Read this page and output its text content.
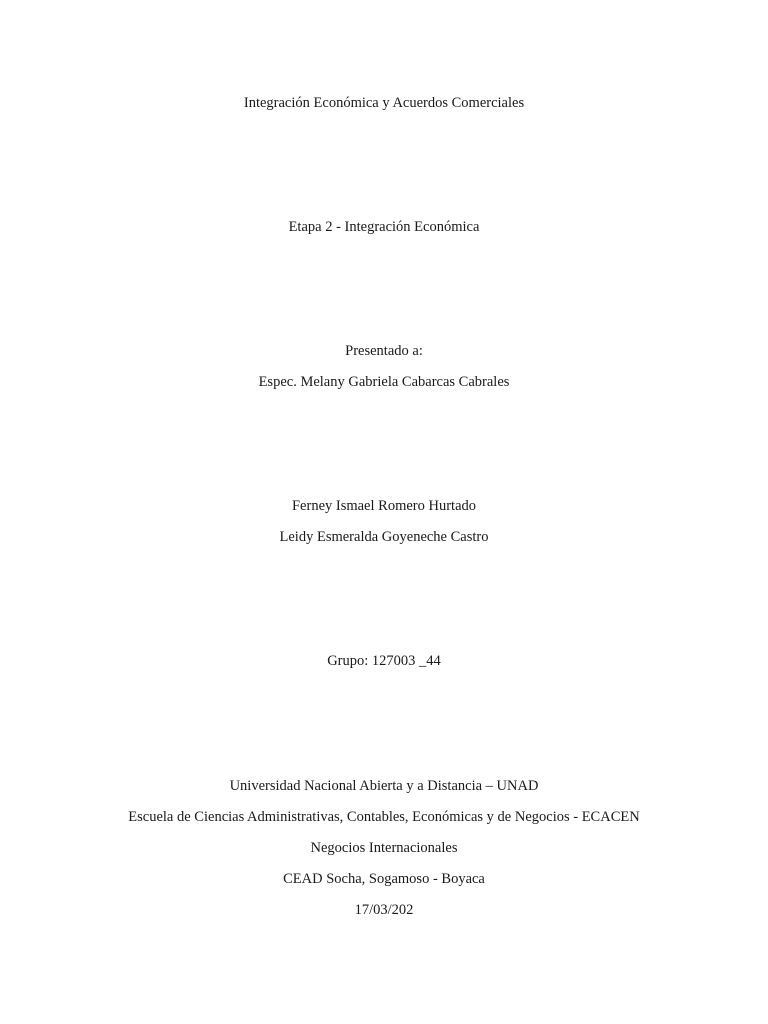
Integración Económica y Acuerdos Comerciales
Etapa 2 - Integración Económica
Presentado a:
Espec. Melany Gabriela Cabarcas Cabrales
Ferney Ismael Romero Hurtado
Leidy Esmeralda Goyeneche Castro
Grupo: 127003 _44
Universidad Nacional Abierta y a Distancia – UNAD
Escuela de Ciencias Administrativas, Contables, Económicas y de Negocios - ECACEN
Negocios Internacionales
CEAD Socha, Sogamoso - Boyaca
17/03/202
